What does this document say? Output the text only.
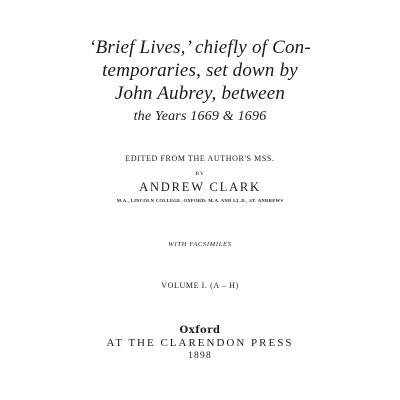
‘Brief Lives,’ chiefly of Con-
temporaries, set down by
John Aubrey, between
the Years 1669 & 1696
EDITED FROM THE AUTHOR'S MSS.
BY
ANDREW CLARK
M.A., LINCOLN COLLEGE, OXFORD; M.A. AND LL.D., ST. ANDREWS
WITH FACSIMILES
VOLUME I. (A – H)
Oxford
AT THE CLARENDON PRESS
1898
